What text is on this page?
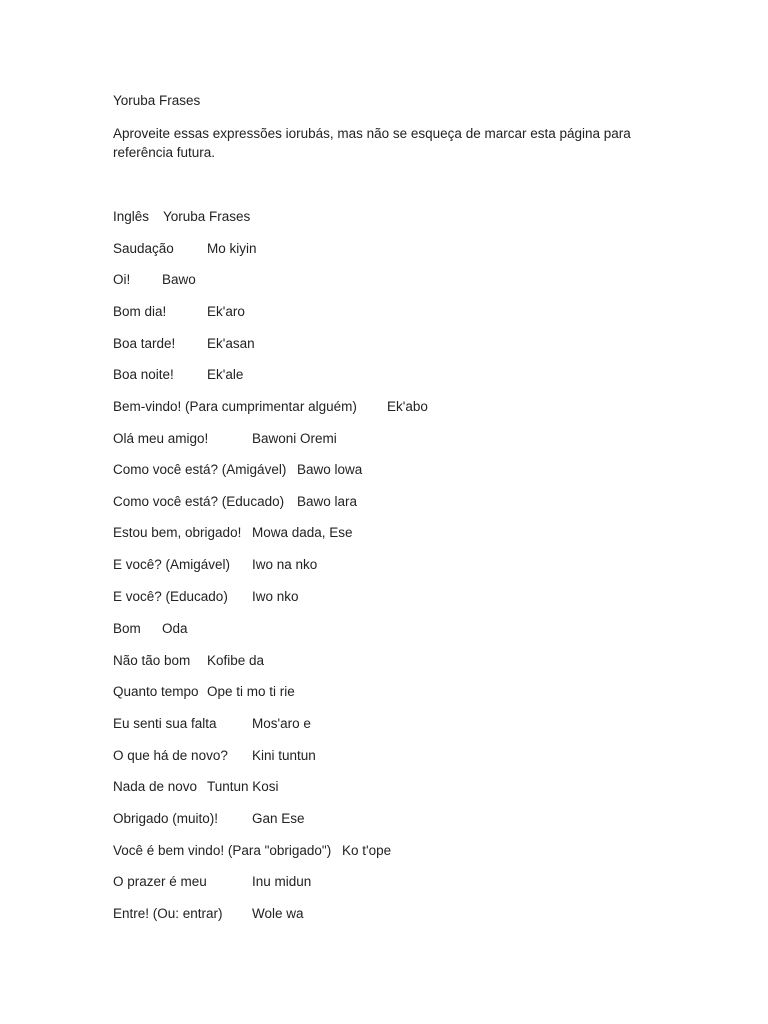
Yoruba Frases
Aproveite essas expressões iorubás, mas não se esqueça de marcar esta página para referência futura.
Inglês Yoruba Frases
Saudação Mo kiyin
Oi! Bawo
Bom dia!	Ek'aro
Boa tarde! Ek'asan
Boa noite! Ek'ale
Bem-vindo! (Para cumprimentar alguém) Ek'abo
Olá meu amigo!	Bawoni Oremi
Como você está? (Amigável) Bawo lowa
Como você está? (Educado) Bawo lara
Estou bem, obrigado! Mowa dada, Ese
E você? (Amigável) Iwo na nko
E você? (Educado) Iwo nko
Bom Oda
Não tão bom Kofibe da
Quanto tempo Ope ti mo ti rie
Eu senti sua falta	Mos'aro e
O que há de novo? Kini tuntun
Nada de novo Tuntun Kosi
Obrigado (muito)!	Gan Ese
Você é bem vindo! (Para "obrigado") Ko t'ope
O prazer é meu	Inu midun
Entre! (Ou: entrar) Wole wa
